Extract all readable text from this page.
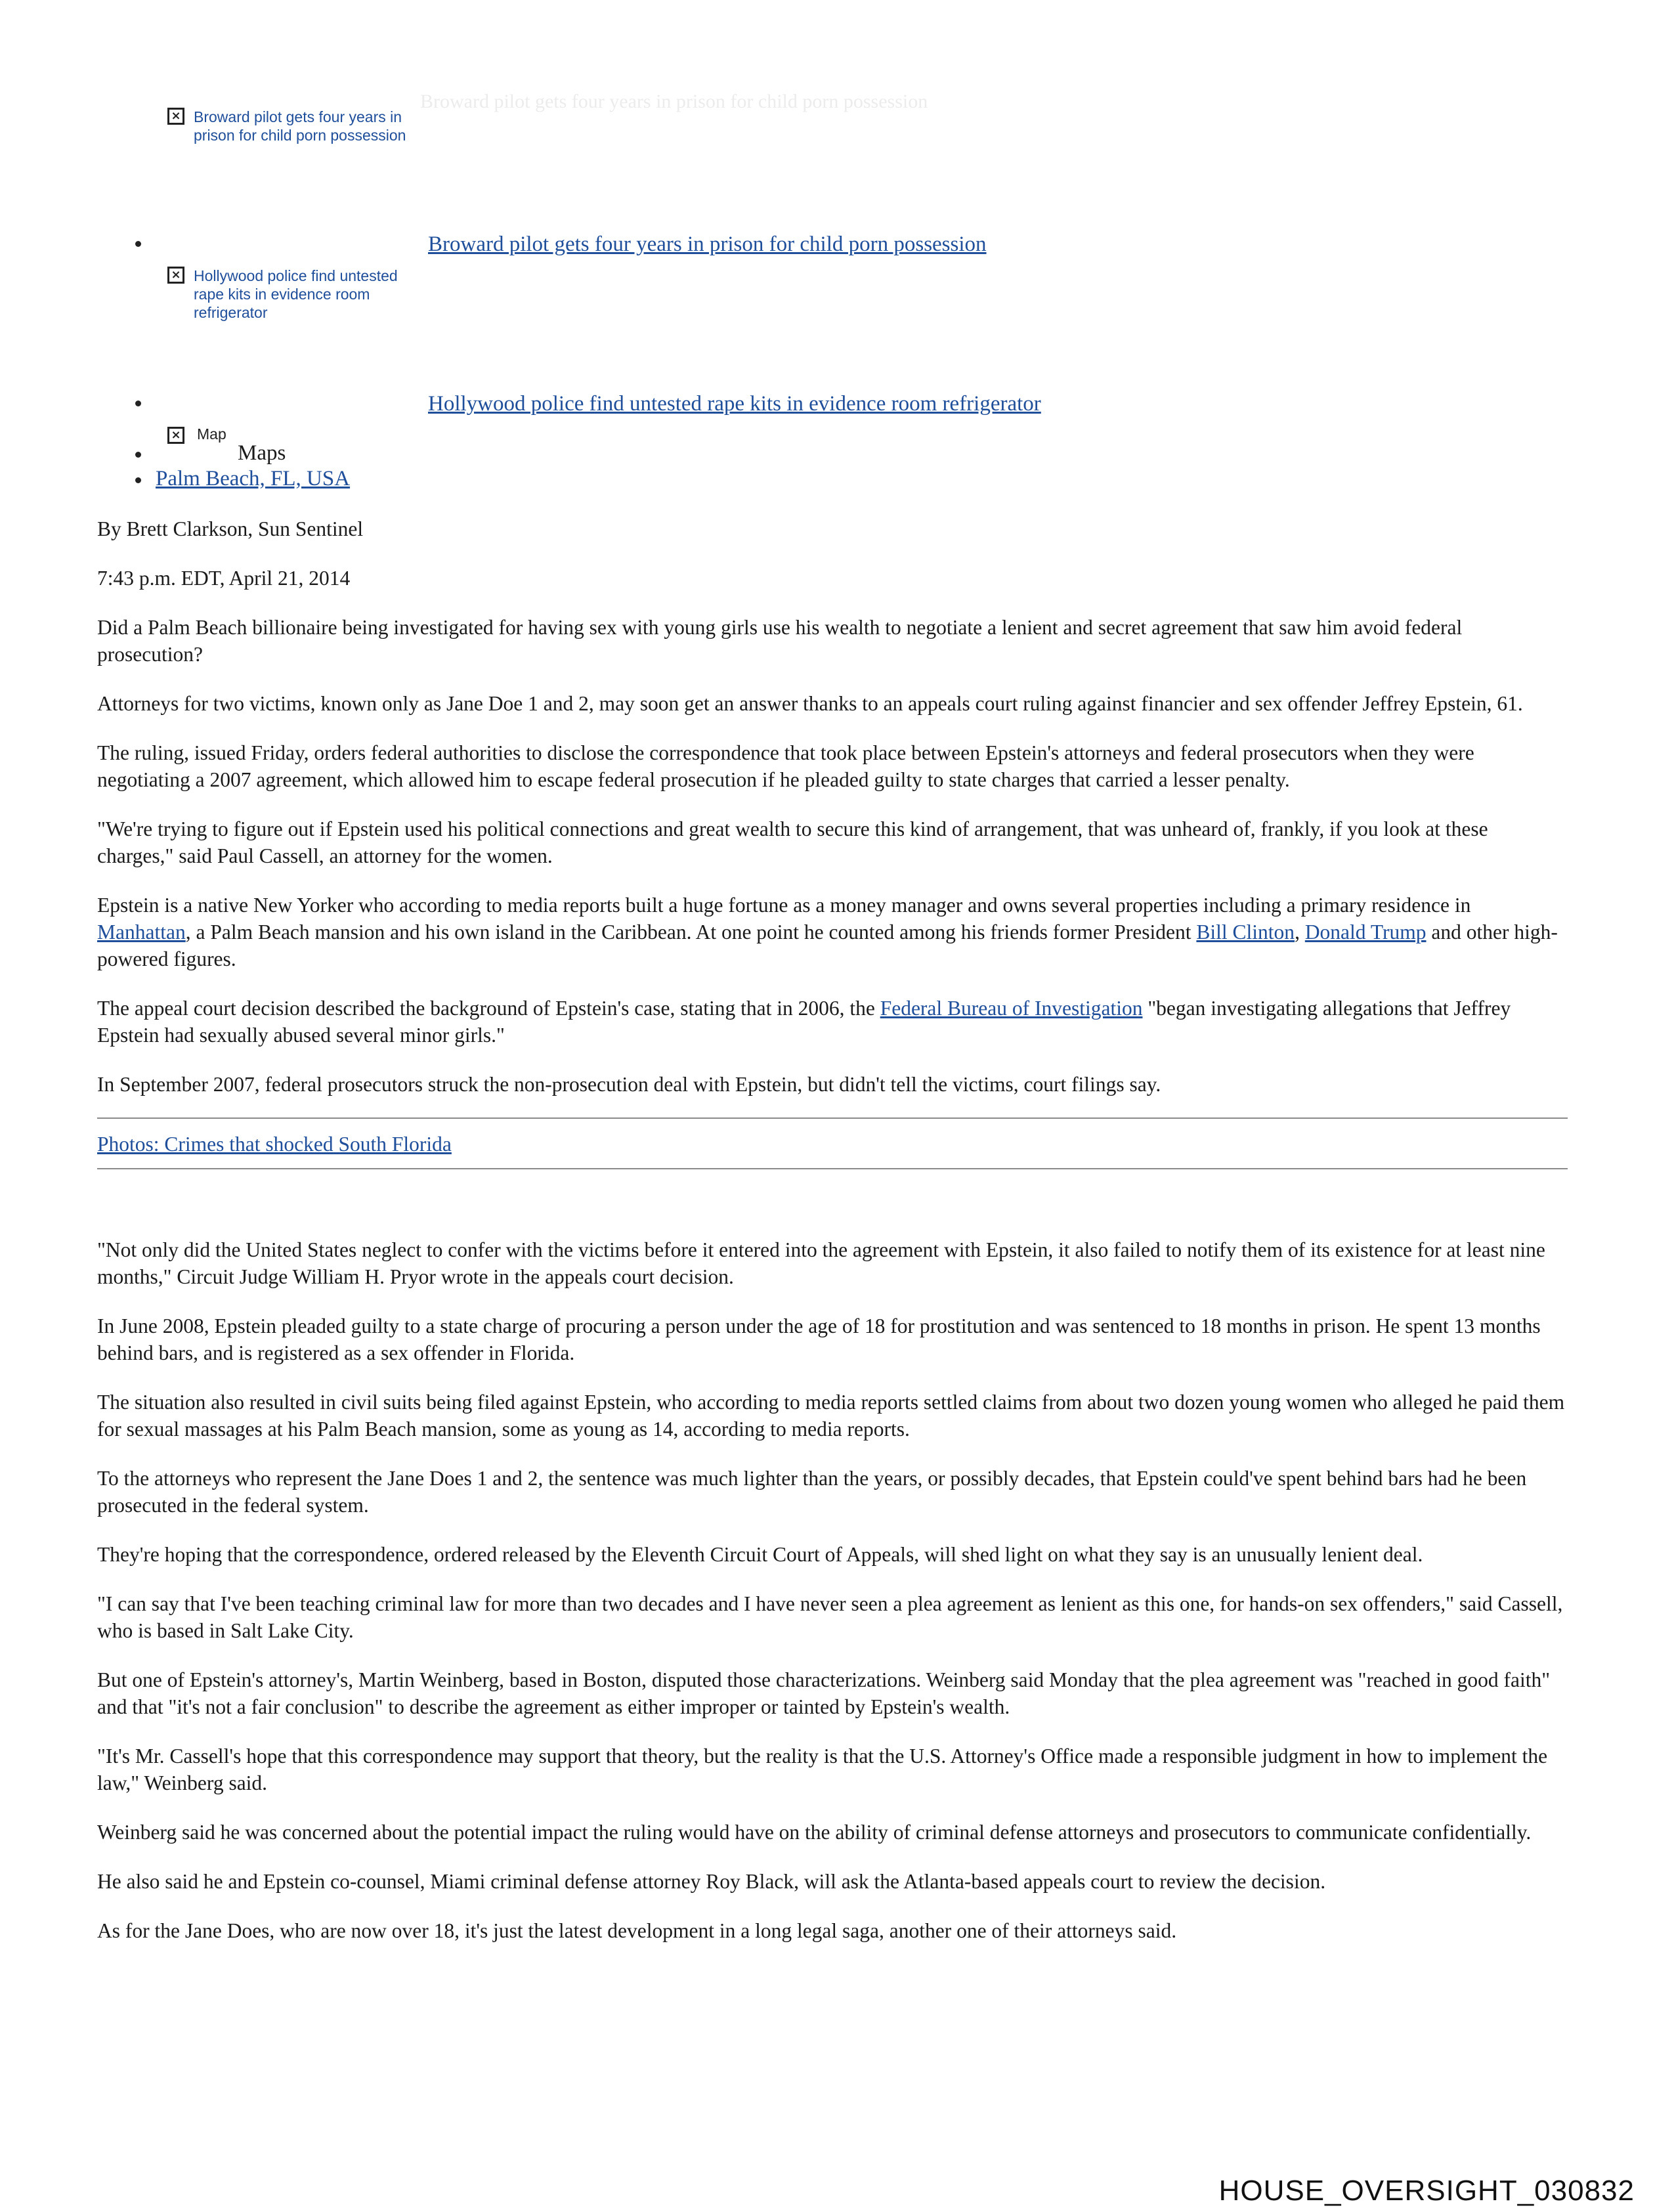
Broward pilot gets four years in prison for child porn possession
× Broward pilot gets four years in prison for child porn possession
Broward pilot gets four years in prison for child porn possession
× Hollywood police find untested rape kits in evidence room refrigerator
Hollywood police find untested rape kits in evidence room refrigerator
× Map
Maps
Palm Beach, FL, USA

By Brett Clarkson, Sun Sentinel

7:43 p.m. EDT, April 21, 2014

Did a Palm Beach billionaire being investigated for having sex with young girls use his wealth to negotiate a lenient and secret agreement that saw him avoid federal prosecution?

Attorneys for two victims, known only as Jane Doe 1 and 2, may soon get an answer thanks to an appeals court ruling against financier and sex offender Jeffrey Epstein, 61.

The ruling, issued Friday, orders federal authorities to disclose the correspondence that took place between Epstein's attorneys and federal prosecutors when they were negotiating a 2007 agreement, which allowed him to escape federal prosecution if he pleaded guilty to state charges that carried a lesser penalty.

"We're trying to figure out if Epstein used his political connections and great wealth to secure this kind of arrangement, that was unheard of, frankly, if you look at these charges," said Paul Cassell, an attorney for the women.

Epstein is a native New Yorker who according to media reports built a huge fortune as a money manager and owns several properties including a primary residence in Manhattan, a Palm Beach mansion and his own island in the Caribbean. At one point he counted among his friends former President Bill Clinton, Donald Trump and other high-powered figures.

The appeal court decision described the background of Epstein's case, stating that in 2006, the Federal Bureau of Investigation "began investigating allegations that Jeffrey Epstein had sexually abused several minor girls."

In September 2007, federal prosecutors struck the non-prosecution deal with Epstein, but didn't tell the victims, court filings say.

Photos: Crimes that shocked South Florida

"Not only did the United States neglect to confer with the victims before it entered into the agreement with Epstein, it also failed to notify them of its existence for at least nine months," Circuit Judge William H. Pryor wrote in the appeals court decision.

In June 2008, Epstein pleaded guilty to a state charge of procuring a person under the age of 18 for prostitution and was sentenced to 18 months in prison. He spent 13 months behind bars, and is registered as a sex offender in Florida.

The situation also resulted in civil suits being filed against Epstein, who according to media reports settled claims from about two dozen young women who alleged he paid them for sexual massages at his Palm Beach mansion, some as young as 14, according to media reports.

To the attorneys who represent the Jane Does 1 and 2, the sentence was much lighter than the years, or possibly decades, that Epstein could've spent behind bars had he been prosecuted in the federal system.

They're hoping that the correspondence, ordered released by the Eleventh Circuit Court of Appeals, will shed light on what they say is an unusually lenient deal.

"I can say that I've been teaching criminal law for more than two decades and I have never seen a plea agreement as lenient as this one, for hands-on sex offenders," said Cassell, who is based in Salt Lake City.

But one of Epstein's attorney's, Martin Weinberg, based in Boston, disputed those characterizations. Weinberg said Monday that the plea agreement was "reached in good faith" and that "it's not a fair conclusion" to describe the agreement as either improper or tainted by Epstein's wealth.

"It's Mr. Cassell's hope that this correspondence may support that theory, but the reality is that the U.S. Attorney's Office made a responsible judgment in how to implement the law," Weinberg said.

Weinberg said he was concerned about the potential impact the ruling would have on the ability of criminal defense attorneys and prosecutors to communicate confidentially.

He also said he and Epstein co-counsel, Miami criminal defense attorney Roy Black, will ask the Atlanta-based appeals court to review the decision.

As for the Jane Does, who are now over 18, it's just the latest development in a long legal saga, another one of their attorneys said.

HOUSE_OVERSIGHT_030832
